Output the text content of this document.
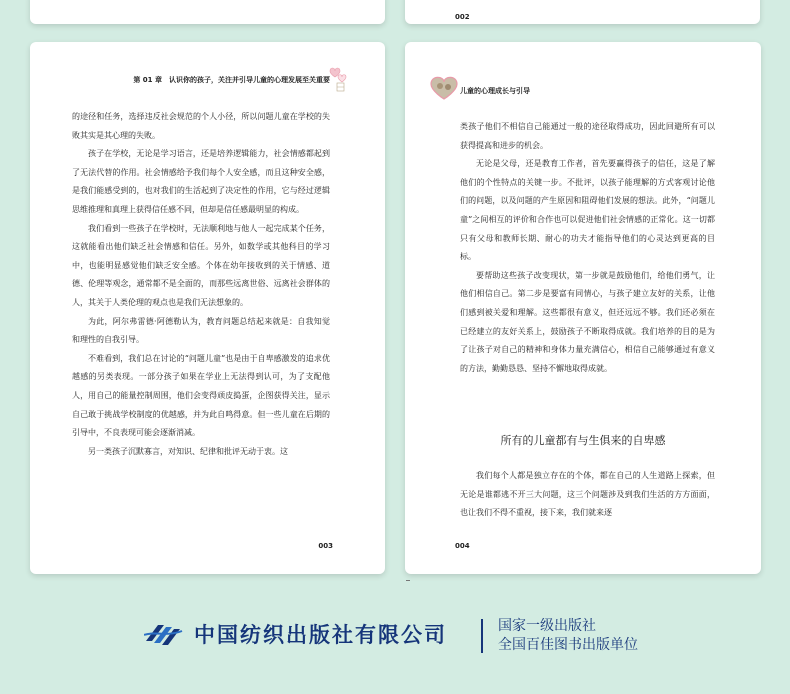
002
第 01 章　认识你的孩子，关注并引导儿童的心理发展至关重要

的途径和任务，选择违反社会规范的个人小径，所以问题儿童在学校的失败其实是其心理的失败。

孩子在学校，无论是学习语言，还是培养逻辑能力，社会情感都起到了无法代替的作用。社会情感给予我们每个人安全感，而且这种安全感，是我们能感受到的，也对我们的生活起到了决定性的作用，它与经过逻辑思维推理和真理上获得信任感不同，但却是信任感最明显的构成。

我们看到一些孩子在学校时，无法顺利地与他人一起完成某个任务，这就能看出他们缺乏社会情感和信任。另外，如数学或其他科目的学习中，也能明显感觉他们缺乏安全感。个体在幼年接收到的关于情感、道德、伦理等观念，通常都不是全面的，而那些远离世俗、远离社会群体的人，其关于人类伦理的观点也是我们无法想象的。

为此，阿尔弗雷德·阿德勒认为，教育问题总结起来就是：自我知觉和理性的自我引导。

不难看到，我们总在讨论的“问题儿童”也是由于自卑感激发的追求优越感的另类表现。一部分孩子如果在学业上无法得到认可，为了支配他人，用自己的能量控制周围，他们会变得顽皮捣蛋，企图获得关注，显示自己敢于挑战学校制度的优越感，并为此自鸣得意。但一些儿童在后期的引导中，不良表现可能会逐渐消减。

另一类孩子沉默寡言，对知识、纪律和批评无动于衷。这

003
儿童的心理成长与引导

类孩子他们不相信自己能通过一般的途径取得成功，因此回避所有可以获得提高和进步的机会。

无论是父母，还是教育工作者，首先要赢得孩子的信任，这是了解他们的个性特点的关键一步。不批评，以孩子能理解的方式客观讨论他们的问题，以及问题的产生原因和阻碍他们发展的想法。此外，“问题儿童”之间相互的评价和合作也可以促进他们社会情感的正常化。这一切都只有父母和教师长期、耐心的功夫才能指导他们的心灵达到更高的目标。

要帮助这些孩子改变现状，第一步就是鼓励他们，给他们勇气，让他们相信自己。第二步是要富有同情心，与孩子建立友好的关系，让他们感到被关爱和理解。这些都很有意义，但还远远不够。我们还必须在已经建立的友好关系上，鼓励孩子不断取得成就。我们培养的目的是为了让孩子对自己的精神和身体力量充满信心，相信自己能够通过有意义的方法，勤勤恳恳、坚持不懈地取得成就。

所有的儿童都有与生俱来的自卑感

我们每个人都是独立存在的个体，都在自己的人生道路上探索，但无论是谁都逃不开三大问题，这三个问题涉及到我们生活的方方面面，也让我们不得不重视，接下来，我们就来逐

004
中国纺织出版社有限公司	国家一级出版社
全国百佳图书出版单位
